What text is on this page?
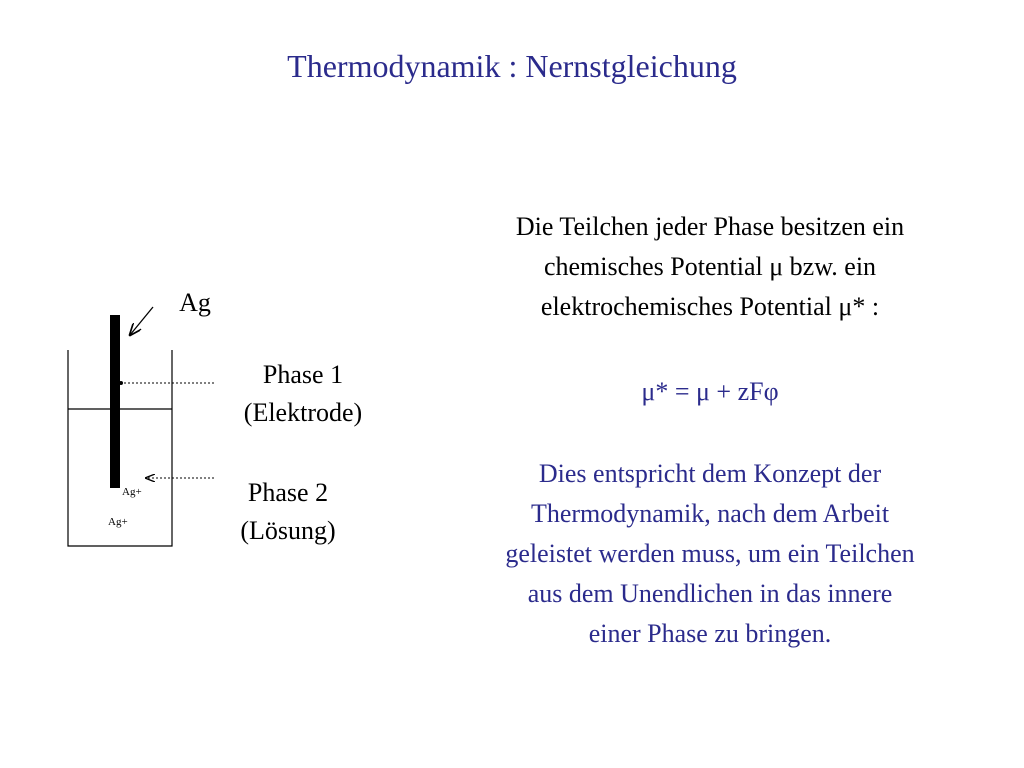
Thermodynamik : Nernstgleichung
Ag
Phase 1
(Elektrode)
Phase 2
(Lösung)
Ag+
Ag+
Die Teilchen jeder Phase besitzen ein
chemisches Potential μ bzw. ein
elektrochemisches Potential μ* :
μ* = μ + zFφ
Dies entspricht dem Konzept der
Thermodynamik, nach dem Arbeit
geleistet werden muss, um ein Teilchen
aus dem Unendlichen in das innere
einer Phase zu bringen.
